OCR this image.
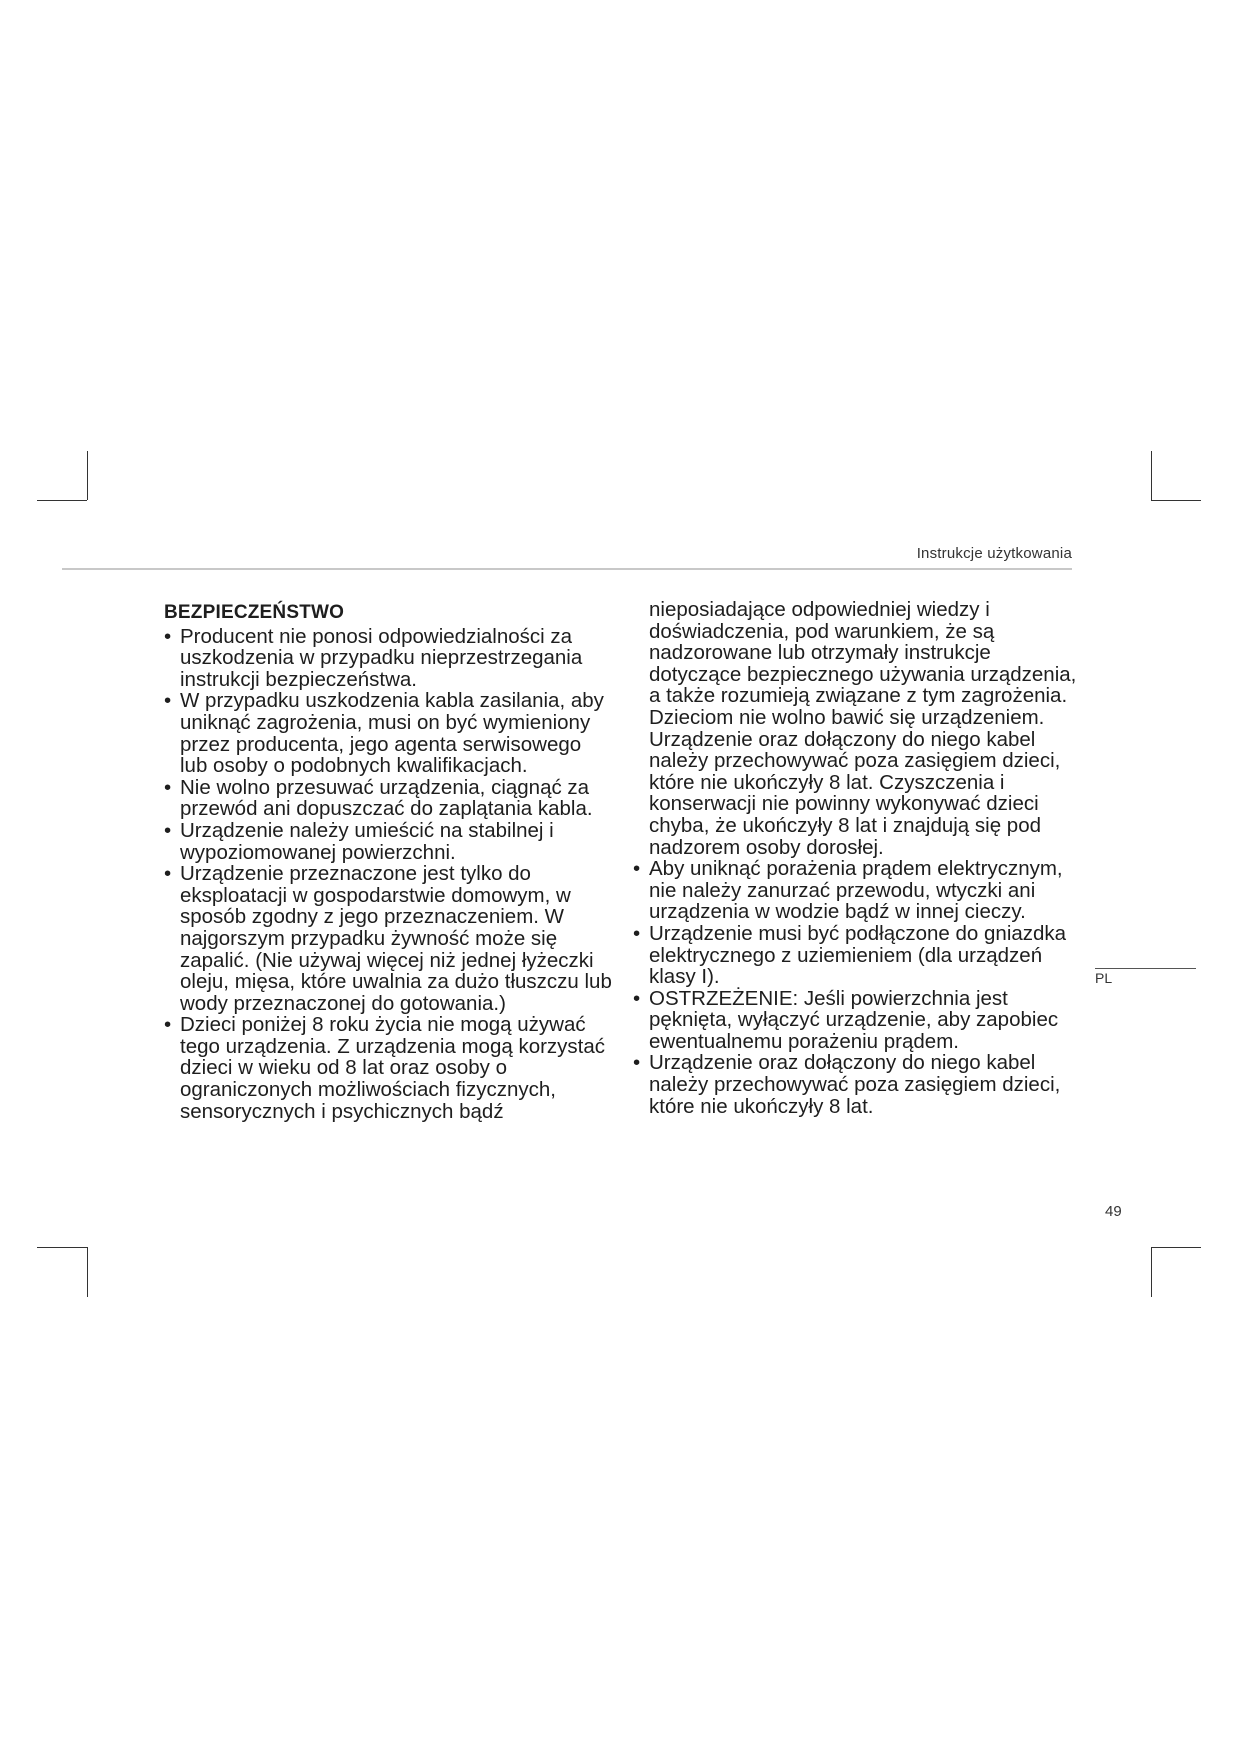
Instrukcje użytkowania
BEZPIECZEŃSTWO
• Producent nie ponosi odpowiedzialności za uszkodzenia w przypadku nieprzestrzegania instrukcji bezpieczeństwa.
• W przypadku uszkodzenia kabla zasilania, aby uniknąć zagrożenia, musi on być wymieniony przez producenta, jego agenta serwisowego lub osoby o podobnych kwalifikacjach.
• Nie wolno przesuwać urządzenia, ciągnąć za przewód ani dopuszczać do zaplątania kabla.
• Urządzenie należy umieścić na stabilnej i wypoziomowanej powierzchni.
• Urządzenie przeznaczone jest tylko do eksploatacji w gospodarstwie domowym, w sposób zgodny z jego przeznaczeniem. W najgorszym przypadku żywność może się zapalić. (Nie używaj więcej niż jednej łyżeczki oleju, mięsa, które uwalnia za dużo tłuszczu lub wody przeznaczonej do gotowania.)
• Dzieci poniżej 8 roku życia nie mogą używać tego urządzenia. Z urządzenia mogą korzystać dzieci w wieku od 8 lat oraz osoby o ograniczonych możliwościach fizycznych, sensorycznych i psychicznych bądź

nieposiadające odpowiedniej wiedzy i doświadczenia, pod warunkiem, że są nadzorowane lub otrzymały instrukcje dotyczące bezpiecznego używania urządzenia, a także rozumieją związane z tym zagrożenia. Dzieciom nie wolno bawić się urządzeniem. Urządzenie oraz dołączony do niego kabel należy przechowywać poza zasięgiem dzieci, które nie ukończyły 8 lat. Czyszczenia i konserwacji nie powinny wykonywać dzieci chyba, że ukończyły 8 lat i znajdują się pod nadzorem osoby dorosłej.

• Aby uniknąć porażenia prądem elektrycznym, nie należy zanurzać przewodu, wtyczki ani urządzenia w wodzie bądź w innej cieczy.
• Urządzenie musi być podłączone do gniazdka elektrycznego z uziemieniem (dla urządzeń klasy I).
• OSTRZEŻENIE: Jeśli powierzchnia jest pęknięta, wyłączyć urządzenie, aby zapobiec ewentualnemu porażeniu prądem.
• Urządzenie oraz dołączony do niego kabel należy przechowywać poza zasięgiem dzieci, które nie ukończyły 8 lat.
PL
49
